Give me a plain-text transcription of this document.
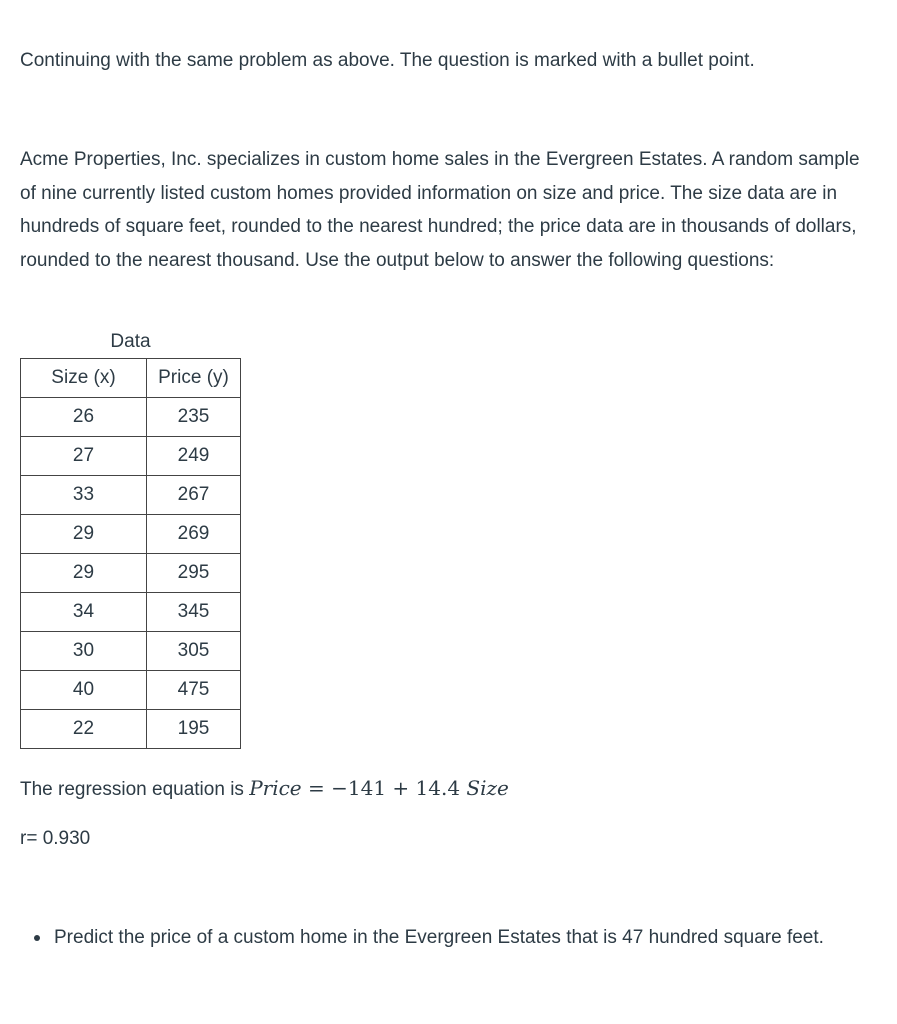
Continuing with the same problem as above. The question is marked with a bullet point.

Acme Properties, Inc. specializes in custom home sales in the Evergreen Estates. A random sample of nine currently listed custom homes provided information on size and price. The size data are in hundreds of square feet, rounded to the nearest hundred; the price data are in thousands of dollars, rounded to the nearest thousand. Use the output below to answer the following questions:

Data
Size (x)	Price (y)
26	235
27	249
33	267
29	269
29	295
34	345
30	305
40	475
22	195
The regression equation is Price = −141 + 14.4 Size
r= 0.930
Predict the price of a custom home in the Evergreen Estates that is 47 hundred square feet.
